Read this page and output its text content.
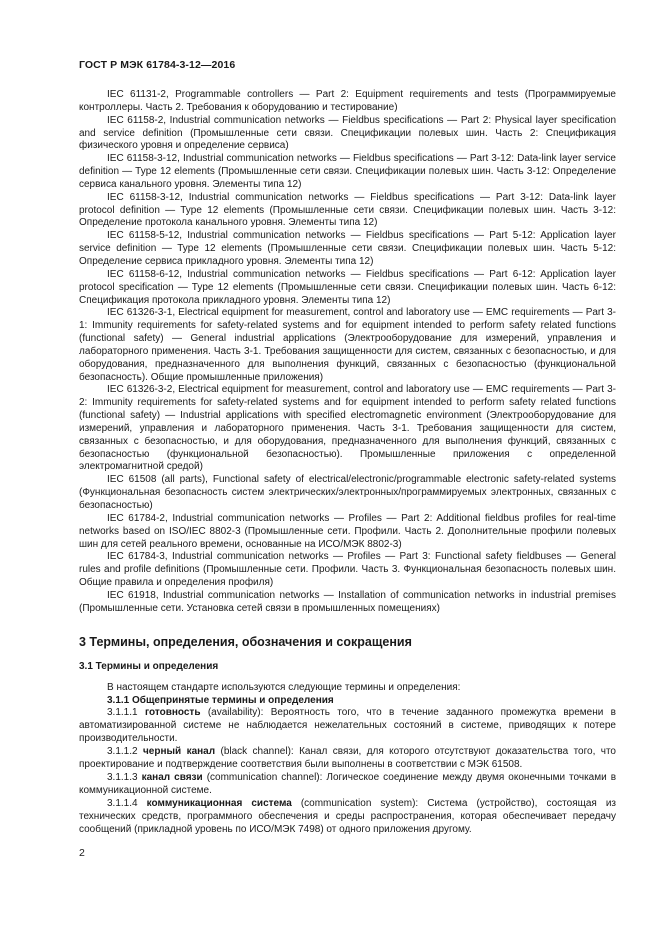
ГОСТ Р МЭК 61784-3-12—2016

IEC 61131-2, Programmable controllers — Part 2: Equipment requirements and tests (Программируемые контроллеры. Часть 2. Требования к оборудованию и тестирование)

IEC 61158-2, Industrial communication networks — Fieldbus specifications — Part 2: Physical layer specification and service definition (Промышленные сети связи. Спецификации полевых шин. Часть 2: Спецификация физического уровня и определение сервиса)

IEC 61158-3-12, Industrial communication networks — Fieldbus specifications — Part 3-12: Data-link layer service definition — Type 12 elements (Промышленные сети связи. Спецификации полевых шин. Часть 3-12: Определение сервиса канального уровня. Элементы типа 12)

IEC 61158-3-12, Industrial communication networks — Fieldbus specifications — Part 3-12: Data-link layer protocol definition — Type 12 elements (Промышленные сети связи. Спецификации полевых шин. Часть 3-12: Определение протокола канального уровня. Элементы типа 12)

IEC 61158-5-12, Industrial communication networks — Fieldbus specifications — Part 5-12: Application layer service definition — Type 12 elements (Промышленные сети связи. Спецификации полевых шин. Часть 5-12: Определение сервиса прикладного уровня. Элементы типа 12)

IEC 61158-6-12, Industrial communication networks — Fieldbus specifications — Part 6-12: Application layer protocol specification — Type 12 elements (Промышленные сети связи. Спецификации полевых шин. Часть 6-12: Спецификация протокола прикладного уровня. Элементы типа 12)

IEC 61326-3-1, Electrical equipment for measurement, control and laboratory use — EMC requirements — Part 3-1: Immunity requirements for safety-related systems and for equipment intended to perform safety related functions (functional safety) — General industrial applications (Электрооборудование для измерений, управления и лабораторного применения. Часть 3-1. Требования защищенности для систем, связанных с безопасностью, и для оборудования, предназначенного для выполнения функций, связанных с безопасностью (функциональной безопасность). Общие промышленные приложения)

IEC 61326-3-2, Electrical equipment for measurement, control and laboratory use — EMC requirements — Part 3-2: Immunity requirements for safety-related systems and for equipment intended to perform safety related functions (functional safety) — Industrial applications with specified electromagnetic environment (Электрооборудование для измерений, управления и лабораторного применения. Часть 3-1. Требования защищенности для систем, связанных с безопасностью, и для оборудования, предназначенного для выполнения функций, связанных с безопасностью (функциональной безопасностью). Промышленные приложения с определенной электромагнитной средой)

IEC 61508 (all parts), Functional safety of electrical/electronic/programmable electronic safety-related systems (Функциональная безопасность систем электрических/электронных/программируемых электронных, связанных с безопасностью)

IEC 61784-2, Industrial communication networks — Profiles — Part 2: Additional fieldbus profiles for real-time networks based on ISO/IEC 8802-3 (Промышленные сети. Профили. Часть 2. Дополнительные профили полевых шин для сетей реального времени, основанные на ИСО/МЭК 8802-3)

IEC 61784-3, Industrial communication networks — Profiles — Part 3: Functional safety fieldbuses — General rules and profile definitions (Промышленные сети. Профили. Часть 3. Функциональная безопасность полевых шин. Общие правила и определения профиля)

IEC 61918, Industrial communication networks — Installation of communication networks in industrial premises (Промышленные сети. Установка сетей связи в промышленных помещениях)

3 Термины, определения, обозначения и сокращения
3.1 Термины и определения

В настоящем стандарте используются следующие термины и определения:

3.1.1 Общепринятые термины и определения

3.1.1.1 готовность (availability): Вероятность того, что в течение заданного промежутка времени в автоматизированной системе не наблюдается нежелательных состояний в системе, приводящих к потере производительности.

3.1.1.2 черный канал (black channel): Канал связи, для которого отсутствуют доказательства того, что проектирование и подтверждение соответствия были выполнены в соответствии с МЭК 61508.

3.1.1.3 канал связи (communication channel): Логическое соединение между двумя оконечными точками в коммуникационной системе.

3.1.1.4 коммуникационная система (communication system): Система (устройство), состоящая из технических средств, программного обеспечения и среды распространения, которая обеспечивает передачу сообщений (прикладной уровень по ИСО/МЭК 7498) от одного приложения другому.

2
